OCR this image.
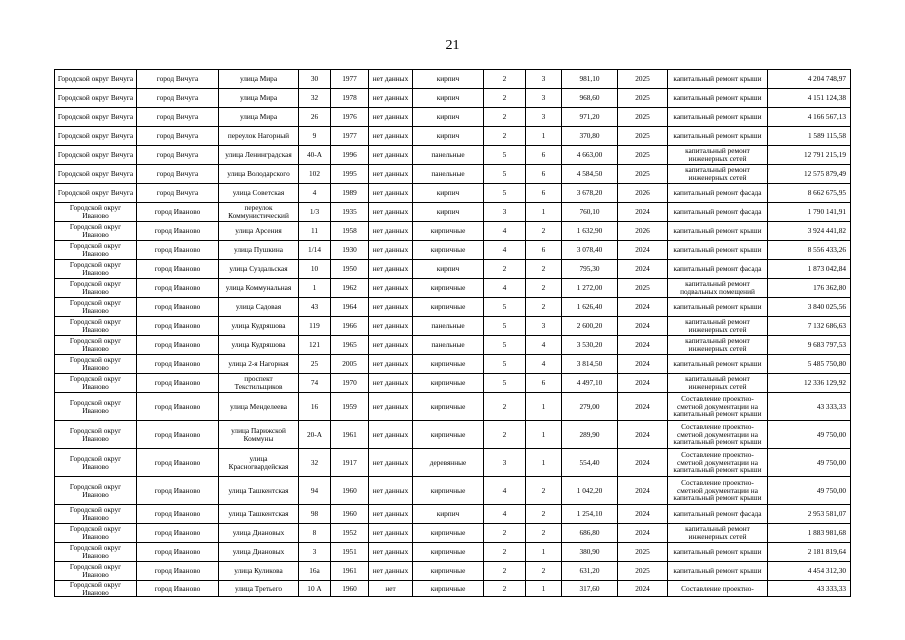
21
Городской округ Вичуга	город Вичуга	улица Мира	30	1977	нет данных	кирпич	2	3	981,10	2025	капитальный ремонт крыши	4 204 748,97
Городской округ Вичуга	город Вичуга	улица Мира	32	1978	нет данных	кирпич	2	3	968,60	2025	капитальный ремонт крыши	4 151 124,38
Городской округ Вичуга	город Вичуга	улица Мира	26	1976	нет данных	кирпич	2	3	971,20	2025	капитальный ремонт крыши	4 166 567,13
Городской округ Вичуга	город Вичуга	переулок Нагорный	9	1977	нет данных	кирпич	2	1	370,80	2025	капитальный ремонт крыши	1 589 115,58
Городской округ Вичуга	город Вичуга	улица Ленинградская	40-А	1996	нет данных	панельные	5	6	4 663,00	2025	капитальный ремонт инженерных сетей	12 791 215,19
Городской округ Вичуга	город Вичуга	улица Володарского	102	1995	нет данных	панельные	5	6	4 584,50	2025	капитальный ремонт инженерных сетей	12 575 879,49
Городской округ Вичуга	город Вичуга	улица Советская	4	1989	нет данных	кирпич	5	6	3 678,20	2026	капитальный ремонт фасада	8 662 675,95
Городской округ Иваново	город Иваново	переулок Коммунистический	1/3	1935	нет данных	кирпич	3	1	760,10	2024	капитальный ремонт фасада	1 790 141,91
Городской округ Иваново	город Иваново	улица Арсения	11	1958	нет данных	кирпичные	4	2	1 632,90	2026	капитальный ремонт крыши	3 924 441,82
Городской округ Иваново	город Иваново	улица Пушкина	1/14	1930	нет данных	кирпичные	4	6	3 078,40	2024	капитальный ремонт крыши	8 556 433,26
Городской округ Иваново	город Иваново	улица Суздальская	10	1950	нет данных	кирпич	2	2	795,30	2024	капитальный ремонт фасада	1 873 042,84
Городской округ Иваново	город Иваново	улица Коммунальная	1	1962	нет данных	кирпичные	4	2	1 272,00	2025	капитальный ремонт подвальных помещений	176 362,80
Городской округ Иваново	город Иваново	улица Садовая	43	1964	нет данных	кирпичные	5	2	1 626,40	2024	капитальный ремонт крыши	3 840 025,56
Городской округ Иваново	город Иваново	улица Кудряшова	119	1966	нет данных	панельные	5	3	2 600,20	2024	капитальный ремонт инженерных сетей	7 132 686,63
Городской округ Иваново	город Иваново	улица Кудряшова	121	1965	нет данных	панельные	5	4	3 530,20	2024	капитальный ремонт инженерных сетей	9 683 797,53
Городской округ Иваново	город Иваново	улица 2-я Нагорная	25	2005	нет данных	кирпичные	5	4	3 814,50	2024	капитальный ремонт крыши	5 485 750,80
Городской округ Иваново	город Иваново	проспект Текстильщиков	74	1970	нет данных	кирпичные	5	6	4 497,10	2024	капитальный ремонт инженерных сетей	12 336 129,92
Городской округ Иваново	город Иваново	улица Менделеева	16	1959	нет данных	кирпичные	2	1	279,00	2024	Составление проектно-сметной документации на капитальный ремонт крыши	43 333,33
Городской округ Иваново	город Иваново	улица Парижской Коммуны	20-А	1961	нет данных	кирпичные	2	1	289,90	2024	Составление проектно-сметной документации на капитальный ремонт крыши	49 750,00
Городской округ Иваново	город Иваново	улица Красногвардейская	32	1917	нет данных	деревянные	3	1	554,40	2024	Составление проектно-сметной документации на капитальный ремонт крыши	49 750,00
Городской округ Иваново	город Иваново	улица Ташкентская	94	1960	нет данных	кирпичные	4	2	1 042,20	2024	Составление проектно-сметной документации на капитальный ремонт крыши	49 750,00
Городской округ Иваново	город Иваново	улица Ташкентская	98	1960	нет данных	кирпич	4	2	1 254,10	2024	капитальный ремонт фасада	2 953 581,07
Городской округ Иваново	город Иваново	улица Диановых	8	1952	нет данных	кирпичные	2	2	686,80	2024	капитальный ремонт инженерных сетей	1 883 981,68
Городской округ Иваново	город Иваново	улица Диановых	3	1951	нет данных	кирпичные	2	1	380,90	2025	капитальный ремонт крыши	2 181 819,64
Городской округ Иваново	город Иваново	улица Куликова	16а	1961	нет данных	кирпичные	2	2	631,20	2025	капитальный ремонт крыши	4 454 312,30
Городской округ Иваново	город Иваново	улица Третьего	10 А	1960	нет	кирпичные	2	1	317,60	2024	Составление проектно-	43 333,33
